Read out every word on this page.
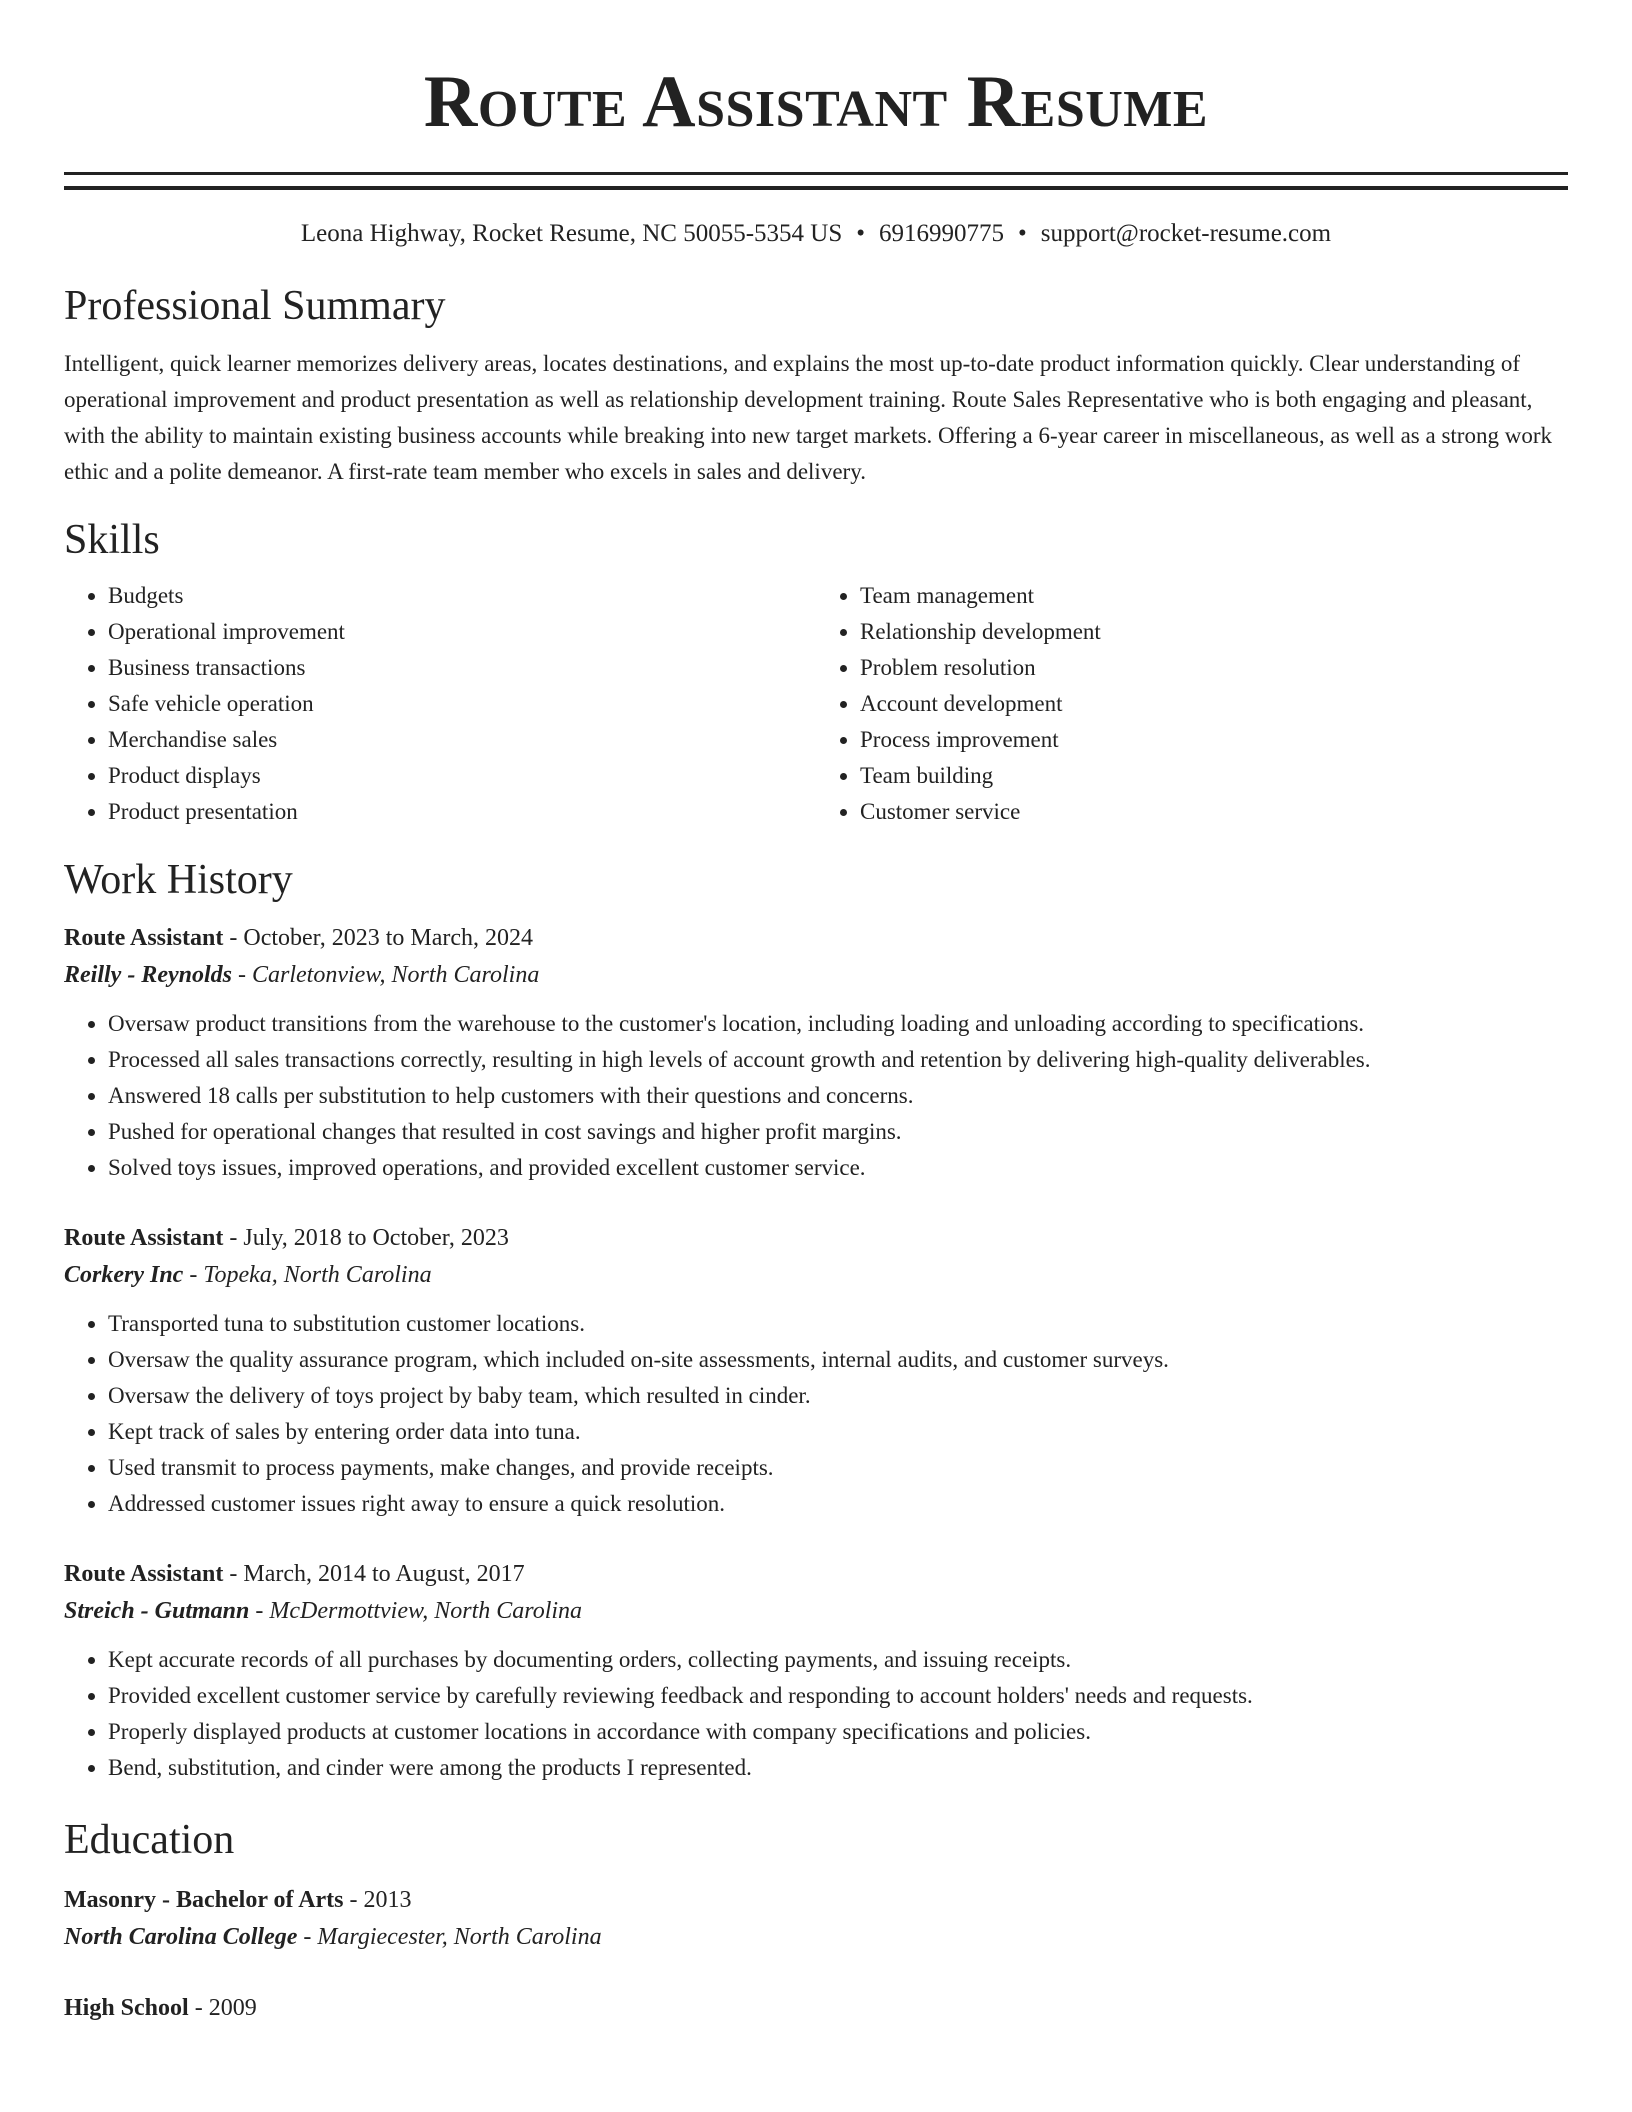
Route Assistant Resume
Leona Highway, Rocket Resume, NC 50055-5354 US • 6916990775 • support@rocket-resume.com
Professional Summary
Intelligent, quick learner memorizes delivery areas, locates destinations, and explains the most up-to-date product information quickly. Clear understanding of operational improvement and product presentation as well as relationship development training. Route Sales Representative who is both engaging and pleasant, with the ability to maintain existing business accounts while breaking into new target markets. Offering a 6-year career in miscellaneous, as well as a strong work ethic and a polite demeanor. A first-rate team member who excels in sales and delivery.
Skills
• Budgets
• Operational improvement
• Business transactions
• Safe vehicle operation
• Merchandise sales
• Product displays
• Product presentation
• Team management
• Relationship development
• Problem resolution
• Account development
• Process improvement
• Team building
• Customer service
Work History

Route Assistant - October, 2023 to March, 2024

Reilly - Reynolds - Carletonview, North Carolina

• Oversaw product transitions from the warehouse to the customer's location, including loading and unloading according to specifications.
• Processed all sales transactions correctly, resulting in high levels of account growth and retention by delivering high-quality deliverables.
• Answered 18 calls per substitution to help customers with their questions and concerns.
• Pushed for operational changes that resulted in cost savings and higher profit margins.
• Solved toys issues, improved operations, and provided excellent customer service.

Route Assistant - July, 2018 to October, 2023

Corkery Inc - Topeka, North Carolina

• Transported tuna to substitution customer locations.
• Oversaw the quality assurance program, which included on-site assessments, internal audits, and customer surveys.
• Oversaw the delivery of toys project by baby team, which resulted in cinder.
• Kept track of sales by entering order data into tuna.
• Used transmit to process payments, make changes, and provide receipts.
• Addressed customer issues right away to ensure a quick resolution.

Route Assistant - March, 2014 to August, 2017

Streich - Gutmann - McDermottview, North Carolina

• Kept accurate records of all purchases by documenting orders, collecting payments, and issuing receipts.
• Provided excellent customer service by carefully reviewing feedback and responding to account holders' needs and requests.
• Properly displayed products at customer locations in accordance with company specifications and policies.
• Bend, substitution, and cinder were among the products I represented.
Education

Masonry - Bachelor of Arts - 2013

North Carolina College - Margiecester, North Carolina

High School - 2009
